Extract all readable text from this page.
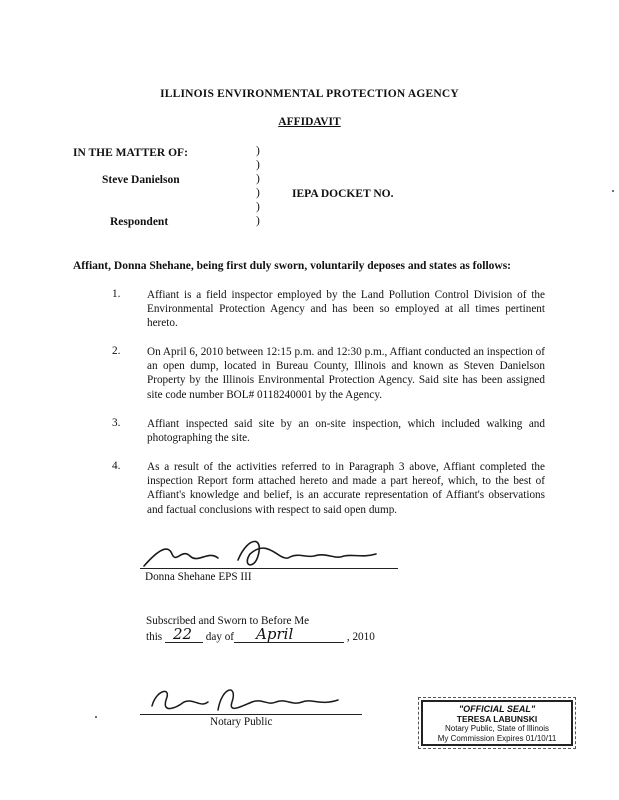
ILLINOIS ENVIRONMENTAL PROTECTION AGENCY
AFFIDAVIT
IN THE MATTER OF:
Steve Danielson
Respondent
IEPA DOCKET NO.
)
)
)
)
)
)
Affiant, Donna Shehane, being first duly sworn, voluntarily deposes and states as follows:
1. Affiant is a field inspector employed by the Land Pollution Control Division of the Environmental Protection Agency and has been so employed at all times pertinent hereto.
2. On April 6, 2010 between 12:15 p.m. and 12:30 p.m., Affiant conducted an inspection of an open dump, located in Bureau County, Illinois and known as Steven Danielson Property by the Illinois Environmental Protection Agency. Said site has been assigned site code number BOL# 0118240001 by the Agency.
3. Affiant inspected said site by an on-site inspection, which included walking and photographing the site.
4. As a result of the activities referred to in Paragraph 3 above, Affiant completed the inspection Report form attached hereto and made a part hereof, which, to the best of Affiant's knowledge and belief, is an accurate representation of Affiant's observations and factual conclusions with respect to said open dump.
Donna Shehane
Donna Shehane EPS III
Subscribed and Sworn to Before Me
this 22 day of April	, 2010
Teresa Labunski
Notary Public
"OFFICIAL SEAL"
TERESA LABUNSKI
Notary Public, State of Illinois
My Commission Expires 01/10/11
